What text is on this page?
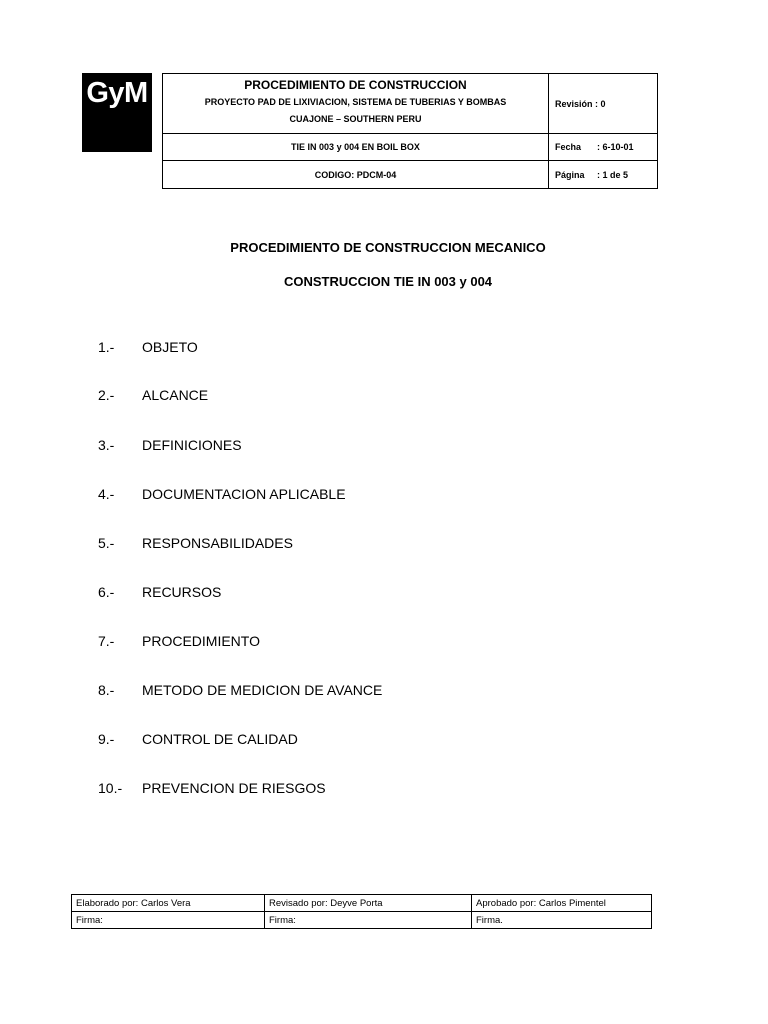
GyM	PROCEDIMIENTO DE CONSTRUCCION
PROYECTO PAD DE LIXIVIACION, SISTEMA DE TUBERIAS Y BOMBAS
CUAJONE – SOUTHERN PERU	Revisión : 0
TIE IN 003 y 004 EN BOIL BOX	Fecha : 6-10-01
CODIGO: PDCM-04	Página : 1 de 5
PROCEDIMIENTO DE CONSTRUCCION MECANICO
CONSTRUCCION TIE IN 003 y 004
1.- OBJETO
2.- ALCANCE
3.- DEFINICIONES
4.- DOCUMENTACION APLICABLE
5.- RESPONSABILIDADES
6.- RECURSOS
7.- PROCEDIMIENTO
8.- METODO DE MEDICION DE AVANCE
9.- CONTROL DE CALIDAD
10.- PREVENCION DE RIESGOS
Elaborado por: Carlos Vera	Revisado por: Deyve Porta	Aprobado por: Carlos Pimentel
Firma:	Firma:	Firma.
